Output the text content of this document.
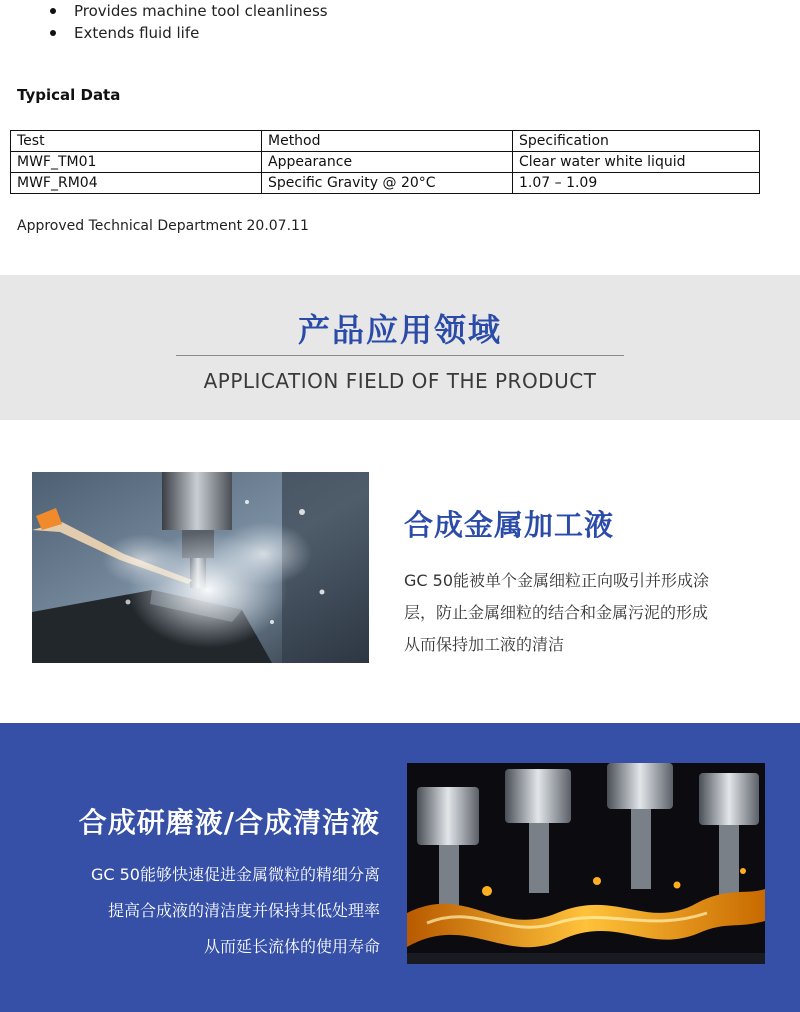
Provides machine tool cleanliness
Extends fluid life
Typical Data
Test	Method	Specification
MWF_TM01	Appearance	Clear water white liquid
MWF_RM04	Specific Gravity @ 20°C	1.07 – 1.09
Approved Technical Department 20.07.11
产品应用领域
APPLICATION FIELD OF THE PRODUCT
合成金属加工液

GC 50能被单个金属细粒正向吸引并形成涂

层，防止金属细粒的结合和金属污泥的形成

从而保持加工液的清洁

合成研磨液/合成清洁液

GC 50能够快速促进金属微粒的精细分离

提高合成液的清洁度并保持其低处理率

从而延长流体的使用寿命
